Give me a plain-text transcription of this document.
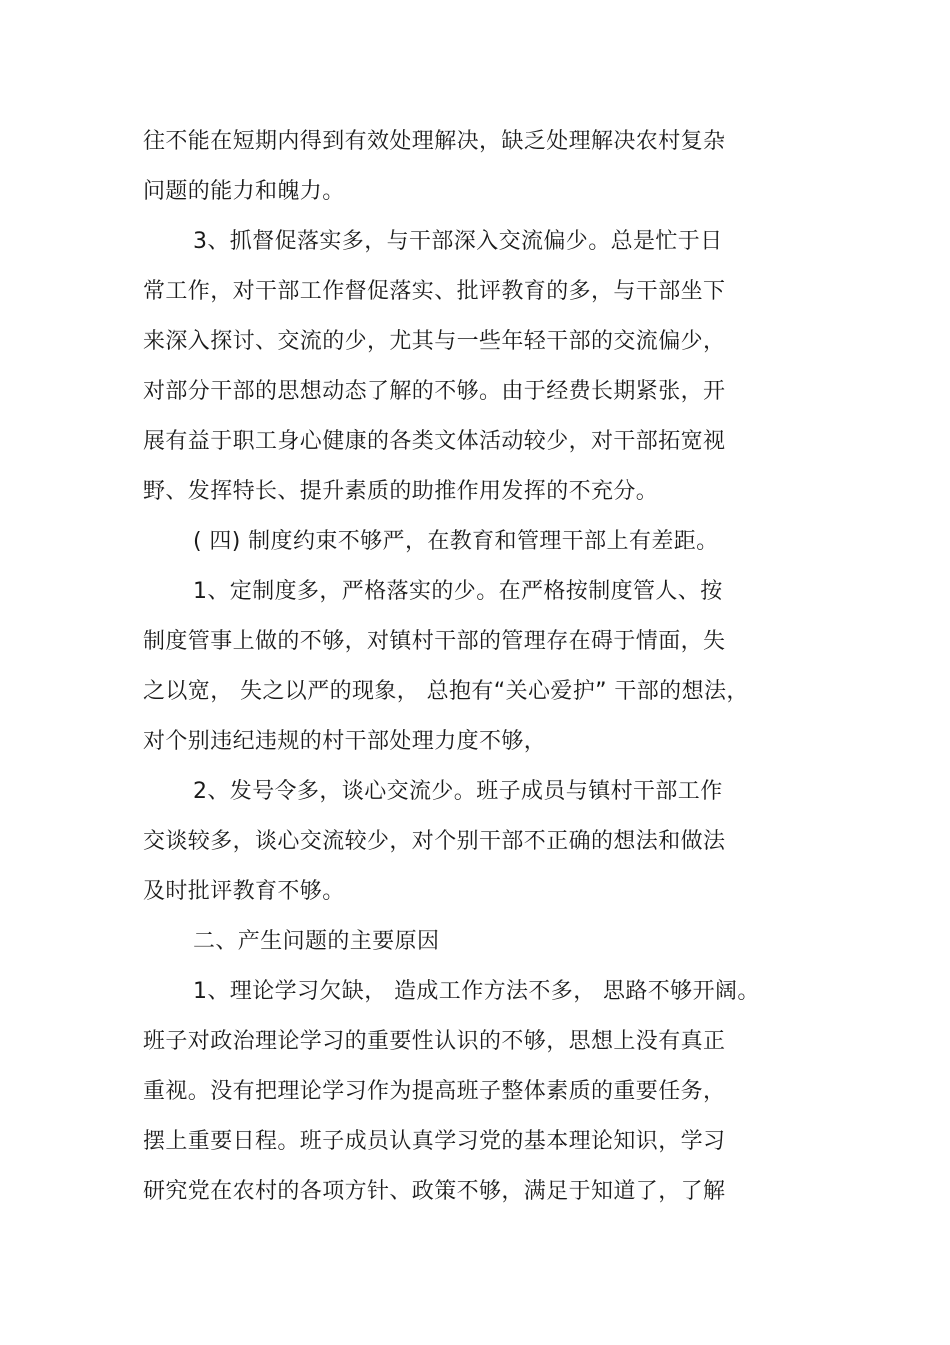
往不能在短期内得到有效处理解决，缺乏处理解决农村复杂
问题的能力和魄力。
3、抓督促落实多，与干部深入交流偏少。总是忙于日
常工作，对干部工作督促落实、批评教育的多，与干部坐下
来深入探讨、交流的少，尤其与一些年轻干部的交流偏少，
对部分干部的思想动态了解的不够。由于经费长期紧张，开
展有益于职工身心健康的各类文体活动较少，对干部拓宽视
野、发挥特长、提升素质的助推作用发挥的不充分。
( 四) 制度约束不够严，在教育和管理干部上有差距。
1、定制度多，严格落实的少。在严格按制度管人、按
制度管事上做的不够，对镇村干部的管理存在碍于情面，失
之以宽， 失之以严的现象， 总抱有“关心爱护” 干部的想法，
对个别违纪违规的村干部处理力度不够，
2、发号令多，谈心交流少。班子成员与镇村干部工作
交谈较多，谈心交流较少，对个别干部不正确的想法和做法
及时批评教育不够。
二、产生问题的主要原因
1、理论学习欠缺， 造成工作方法不多， 思路不够开阔。
班子对政治理论学习的重要性认识的不够，思想上没有真正
重视。没有把理论学习作为提高班子整体素质的重要任务，
摆上重要日程。班子成员认真学习党的基本理论知识，学习
研究党在农村的各项方针、政策不够，满足于知道了，了解
